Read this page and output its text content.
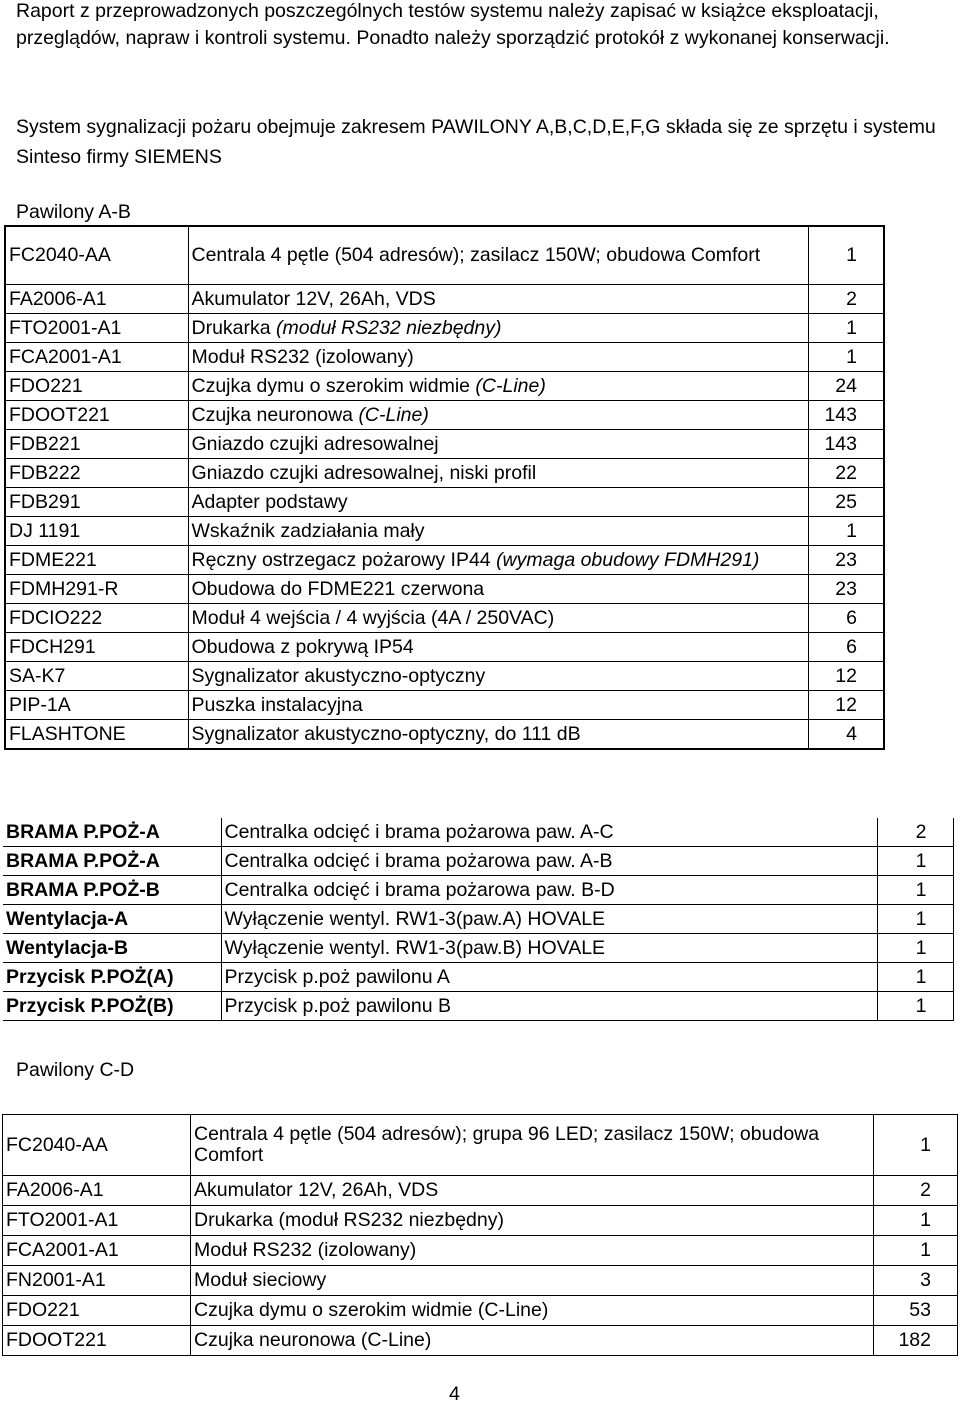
Raport z przeprowadzonych poszczególnych testów systemu należy zapisać w książce eksploatacji, przeglądów, napraw i kontroli systemu. Ponadto należy sporządzić protokół z wykonanej konserwacji.
System sygnalizacji pożaru obejmuje zakresem PAWILONY A,B,C,D,E,F,G składa się ze sprzętu i systemu Sinteso firmy SIEMENS
Pawilony A-B
FC2040-AA	Centrala 4 pętle (504 adresów); zasilacz 150W; obudowa Comfort	1
FA2006-A1	Akumulator 12V, 26Ah, VDS	2
FTO2001-A1	Drukarka (moduł RS232 niezbędny)	1
FCA2001-A1	Moduł RS232 (izolowany)	1
FDO221	Czujka dymu o szerokim widmie (C-Line)	24
FDOOT221	Czujka neuronowa (C-Line)	143
FDB221	Gniazdo czujki adresowalnej	143
FDB222	Gniazdo czujki adresowalnej, niski profil	22
FDB291	Adapter podstawy	25
DJ 1191	Wskaźnik zadziałania mały	1
FDME221	Ręczny ostrzegacz pożarowy IP44 (wymaga obudowy FDMH291)	23
FDMH291-R	Obudowa do FDME221 czerwona	23
FDCIO222	Moduł 4 wejścia / 4 wyjścia (4A / 250VAC)	6
FDCH291	Obudowa z pokrywą IP54	6
SA-K7	Sygnalizator akustyczno-optyczny	12
PIP-1A	Puszka instalacyjna	12
FLASHTONE	Sygnalizator akustyczno-optyczny, do 111 dB	4
BRAMA P.POŻ-A	Centralka odcięć i brama pożarowa paw. A-C	2
BRAMA P.POŻ-A	Centralka odcięć i brama pożarowa paw. A-B	1
BRAMA P.POŻ-B	Centralka odcięć i brama pożarowa paw. B-D	1
Wentylacja-A	Wyłączenie wentyl. RW1-3(paw.A) HOVALE	1
Wentylacja-B	Wyłączenie wentyl. RW1-3(paw.B) HOVALE	1
Przycisk P.POŻ(A)	Przycisk p.poż pawilonu A	1
Przycisk P.POŻ(B)	Przycisk p.poż pawilonu B	1
Pawilony C-D
FC2040-AA	Centrala 4 pętle (504 adresów); grupa 96 LED; zasilacz 150W; obudowa Comfort	1
FA2006-A1	Akumulator 12V, 26Ah, VDS	2
FTO2001-A1	Drukarka (moduł RS232 niezbędny)	1
FCA2001-A1	Moduł RS232 (izolowany)	1
FN2001-A1	Moduł sieciowy	3
FDO221	Czujka dymu o szerokim widmie (C-Line)	53
FDOOT221	Czujka neuronowa (C-Line)	182
4
